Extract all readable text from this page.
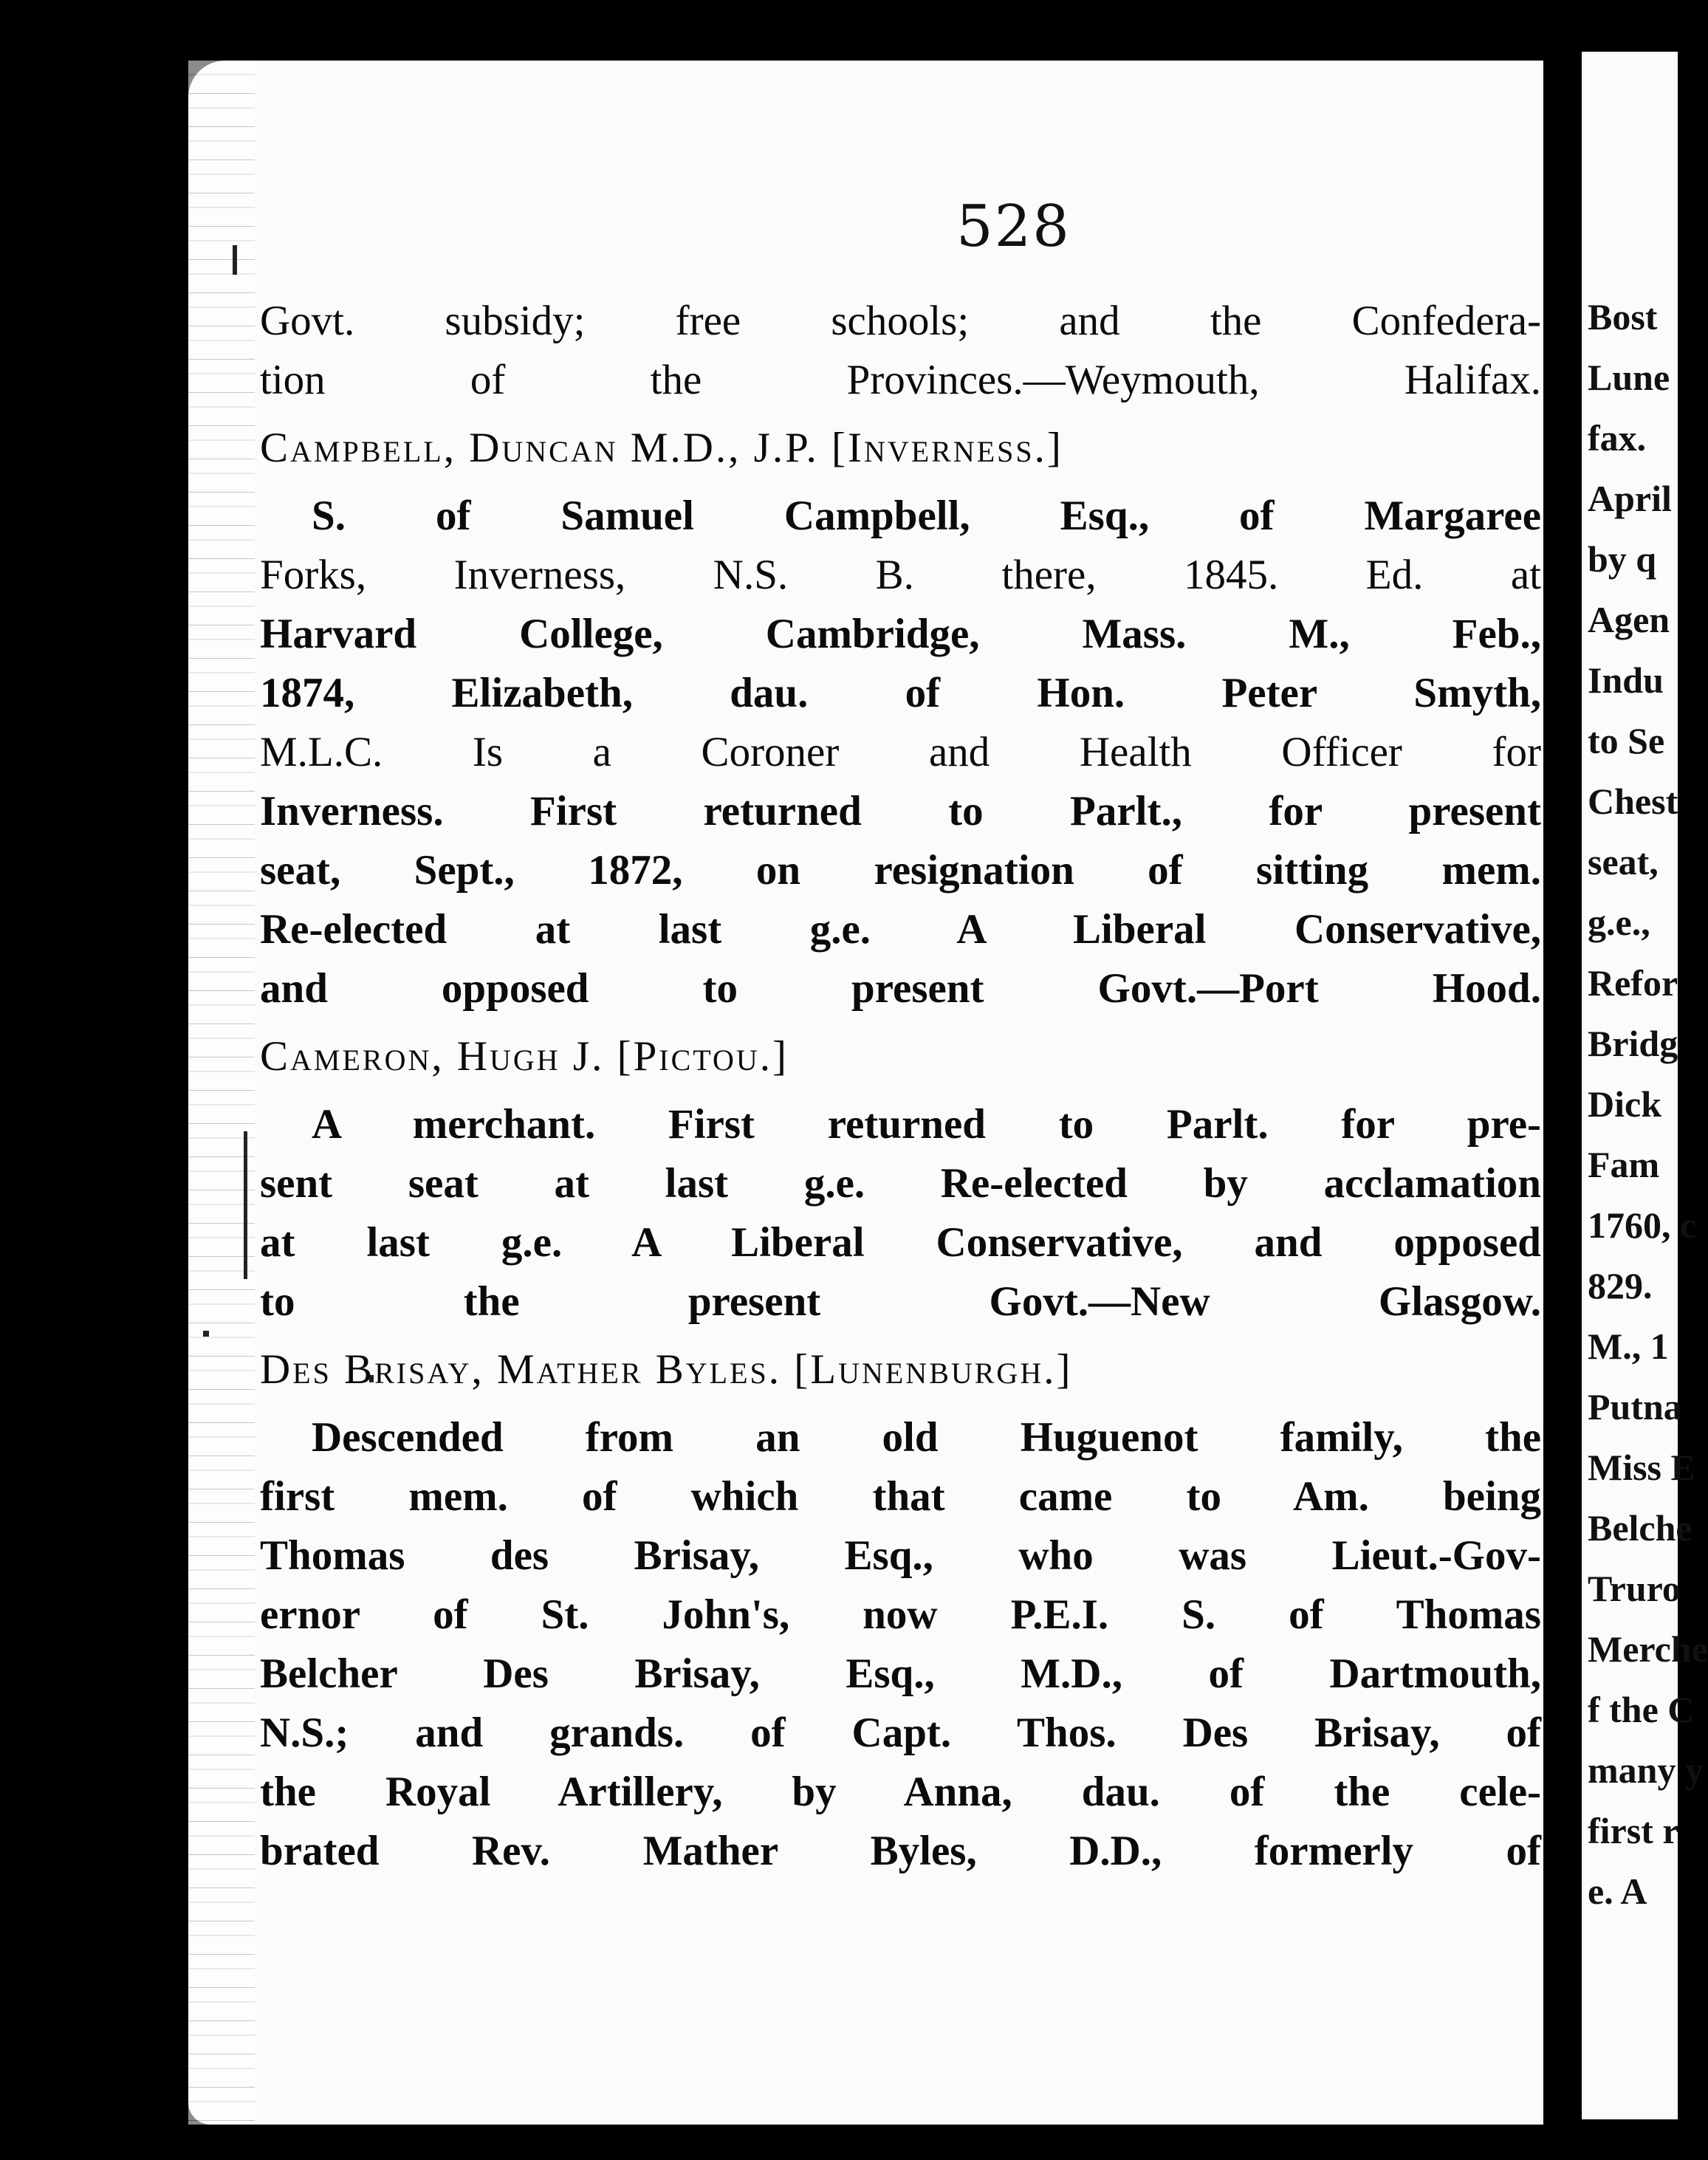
528
Govt. subsidy; free schools; and the Confedera-
tion of the Provinces.—Weymouth, Halifax.
Campbell, Duncan M.D., J.P. [Inverness.]
S. of Samuel Campbell, Esq., of Margaree
Forks, Inverness, N.S. B. there, 1845. Ed. at
Harvard College, Cambridge, Mass. M., Feb.,
1874, Elizabeth, dau. of Hon. Peter Smyth,
M.L.C. Is a Coroner and Health Officer for
Inverness. First returned to Parlt., for present
seat, Sept., 1872, on resignation of sitting mem.
Re-elected at last g.e. A Liberal Conservative,
and opposed to present Govt.—Port Hood.
Cameron, Hugh J. [Pictou.]
A merchant. First returned to Parlt. for pre-
sent seat at last g.e. Re-elected by acclamation
at last g.e. A Liberal Conservative, and opposed
to the present Govt.—New Glasgow.
Des Brisay, Mather Byles. [Lunenburgh.]
Descended from an old Huguenot family, the
first mem. of which that came to Am. being
Thomas des Brisay, Esq., who was Lieut.-Gov-
ernor of St. John's, now P.E.I. S. of Thomas
Belcher Des Brisay, Esq., M.D., of Dartmouth,
N.S.; and grands. of Capt. Thos. Des Brisay, of
the Royal Artillery, by Anna, dau. of the cele-
brated Rev. Mather Byles, D.D., formerly of
Bost
Lune
fax.
April
by q
Agen
Indu
to Se
Chest
seat,
g.e.,
Refor
Bridg
Dick
Fam
1760, c
829.
M., 1
Putna
Miss E
Belche
Truro
Merche
f the C
many y
first r
e. A
